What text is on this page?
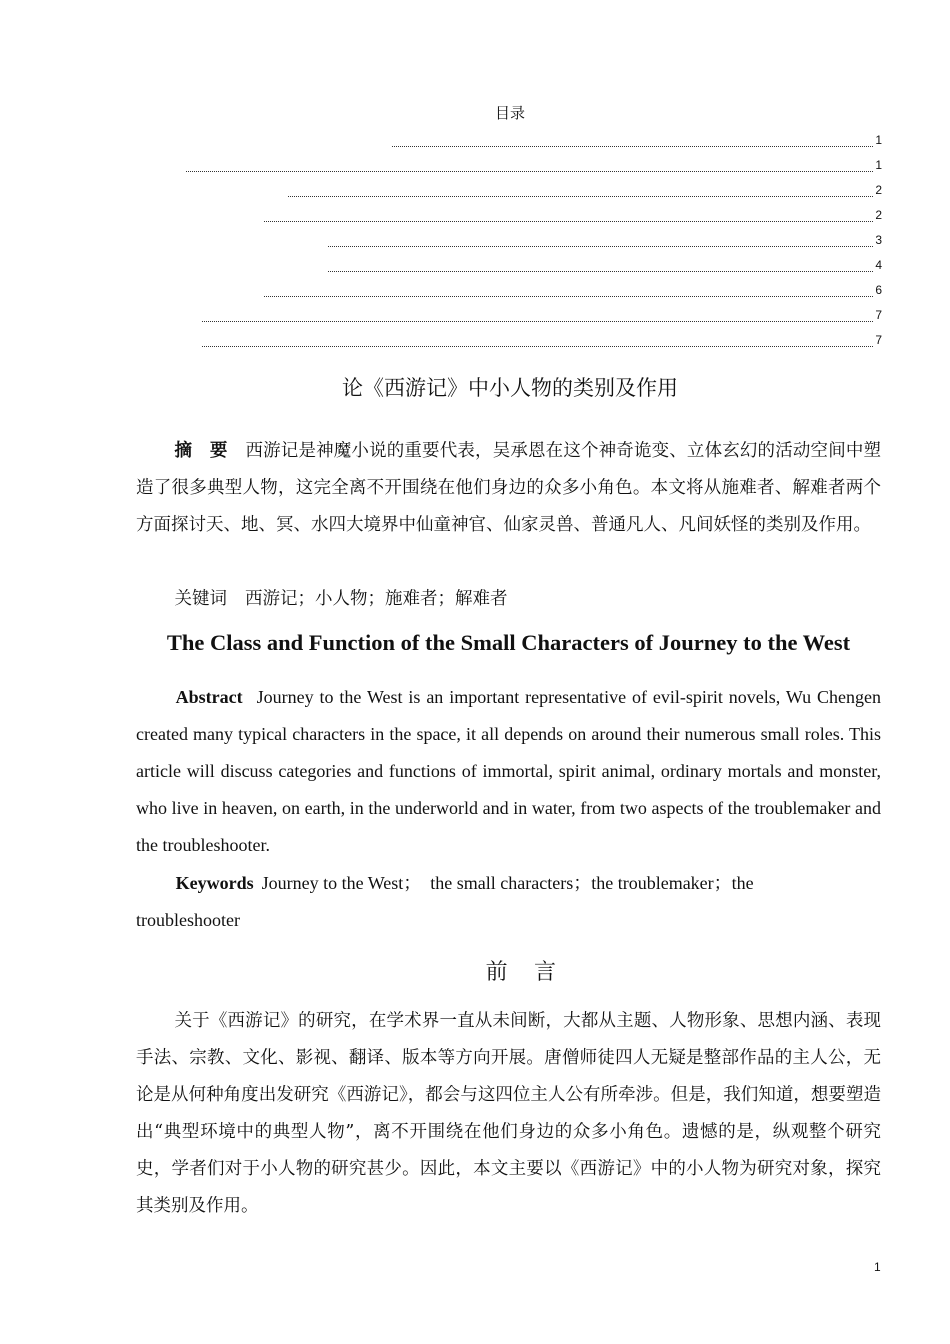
目录
1
1
2
2
3
4
6
7
7
论《西游记》中小人物的类别及作用
摘　要 西游记是神魔小说的重要代表，吴承恩在这个神奇诡变、立体玄幻的活动空间中塑造了很多典型人物，这完全离不开围绕在他们身边的众多小角色。本文将从施难者、解难者两个方面探讨天、地、冥、水四大境界中仙童神官、仙家灵兽、普通凡人、凡间妖怪的类别及作用。
关键词 西游记；小人物；施难者；解难者
The Class and Function of the Small Characters of Journey to the West
Abstract Journey to the West is an important representative of evil-spirit novels, Wu Chengen created many typical characters in the space, it all depends on around their numerous small roles. This article will discuss categories and functions of immortal, spirit animal, ordinary mortals and monster, who live in heaven, on earth, in the underworld and in water, from two aspects of the troublemaker and the troubleshooter.
Keywords Journey to the West；　the small characters；the troublemaker；the troubleshooter
前言
关于《西游记》的研究，在学术界一直从未间断，大都从主题、人物形象、思想内涵、表现手法、宗教、文化、影视、翻译、版本等方向开展。唐僧师徒四人无疑是整部作品的主人公，无论是从何种角度出发研究《西游记》，都会与这四位主人公有所牵涉。但是，我们知道，想要塑造出“典型环境中的典型人物”，离不开围绕在他们身边的众多小角色。遗憾的是，纵观整个研究史，学者们对于小人物的研究甚少。因此，本文主要以《西游记》中的小人物为研究对象，探究其类别及作用。
1
